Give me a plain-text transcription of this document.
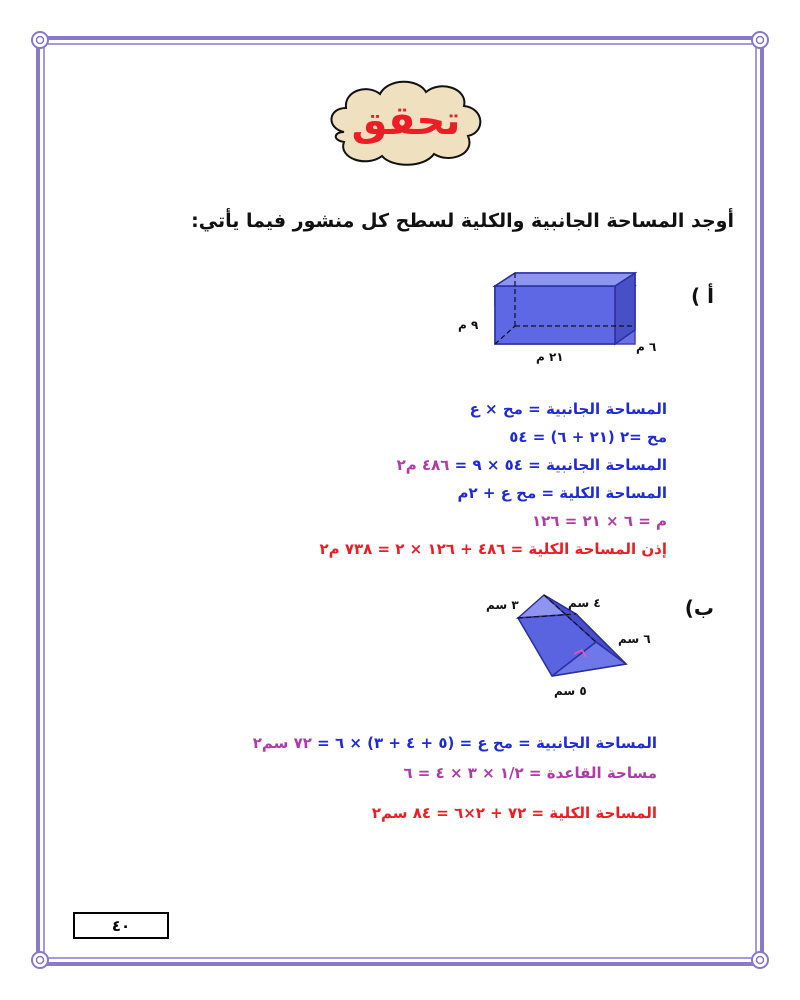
تحقق
أوجد المساحة الجانبية والكلية لسطح كل منشور فيما يأتي:
أ )
٩ م
٢١ م
٦ م
المساحة الجانبية = مح × ع
مح =٢ (٢١ + ٦) = ٥٤
المساحة الجانبية = ٥٤ × ٩ = ٤٨٦ م٢
المساحة الكلية = مح ع + ٢م
م = ٦ × ٢١ = ١٢٦
إذن المساحة الكلية = ٤٨٦ + ١٢٦ × ٢ = ٧٣٨ م٢
ب)
٣ سم	٤ سم
٦ سم
٥ سم
المساحة الجانبية = مح ع = (٥ + ٤ + ٣) × ٦ = ٧٢ سم٢
مساحة القاعدة = ١/٢ × ٣ × ٤ = ٦
المساحة الكلية = ٧٢ + ٢×٦ = ٨٤ سم٢
٤٠
